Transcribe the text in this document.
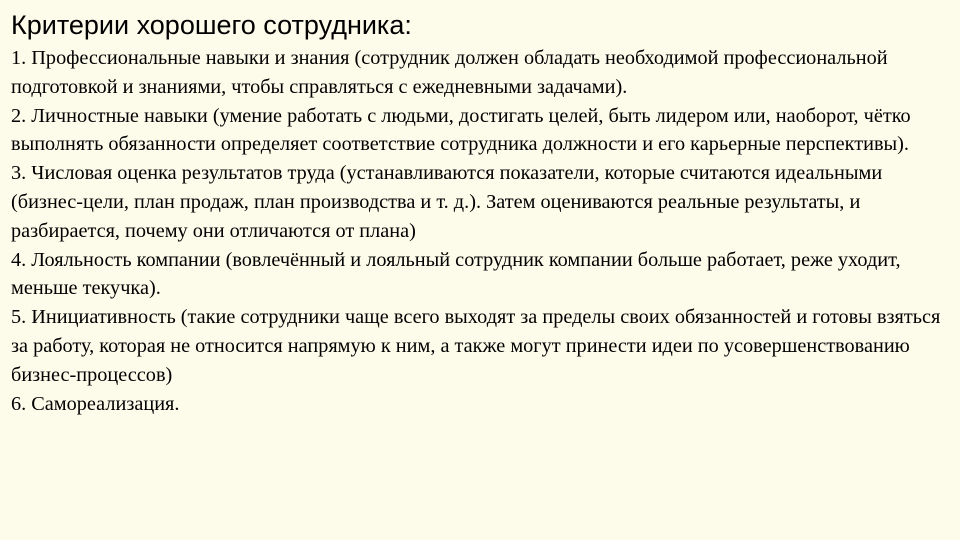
Критерии хорошего сотрудника:
1. Профессиональные навыки и знания (сотрудник должен обладать необходимой профессиональной подготовкой и знаниями, чтобы справляться с ежедневными задачами).
2. Личностные навыки (умение работать с людьми, достигать целей, быть лидером или, наоборот, чётко выполнять обязанности определяет соответствие сотрудника должности и его карьерные перспективы).
3. Числовая оценка результатов труда (устанавливаются показатели, которые считаются идеальными (бизнес-цели, план продаж, план производства и т. д.). Затем оцениваются реальные результаты, и разбирается, почему они отличаются от плана)
4. Лояльность компании (вовлечённый и лояльный сотрудник компании больше работает, реже уходит, меньше текучка).
5. Инициативность (такие сотрудники чаще всего выходят за пределы своих обязанностей и готовы взяться за работу, которая не относится напрямую к ним, а также могут принести идеи по усовершенствованию бизнес-процессов)
6. Самореализация.
